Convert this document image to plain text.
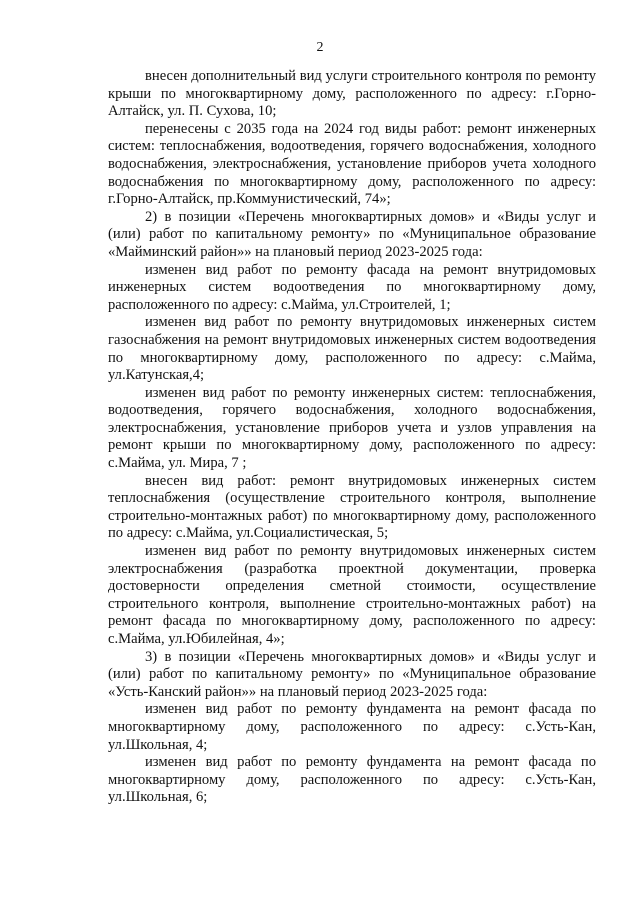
2

внесен дополнительный вид услуги строительного контроля по ремонту крыши по многоквартирному дому, расположенного по адресу: г.Горно-Алтайск, ул. П. Сухова, 10;

перенесены с 2035 года на 2024 год виды работ: ремонт инженерных систем: теплоснабжения, водоотведения, горячего водоснабжения, холодного водоснабжения, электроснабжения, установление приборов учета холодного водоснабжения по многоквартирному дому, расположенного по адресу: г.Горно-Алтайск, пр.Коммунистический, 74»;

2) в позиции «Перечень многоквартирных домов» и «Виды услуг и (или) работ по капитальному ремонту» по «Муниципальное образование «Майминский район»» на плановый период 2023-2025 года:

изменен вид работ по ремонту фасада на ремонт внутридомовых инженерных систем водоотведения по многоквартирному дому, расположенного по адресу: с.Майма, ул.Строителей, 1;

изменен вид работ по ремонту внутридомовых инженерных систем газоснабжения на ремонт внутридомовых инженерных систем водоотведения по многоквартирному дому, расположенного по адресу: с.Майма, ул.Катунская,4;

изменен вид работ по ремонту инженерных систем: теплоснабжения, водоотведения, горячего водоснабжения, холодного водоснабжения, электроснабжения, установление приборов учета и узлов управления на ремонт крыши по многоквартирному дому, расположенного по адресу: с.Майма, ул. Мира, 7 ;

внесен вид работ: ремонт внутридомовых инженерных систем теплоснабжения (осуществление строительного контроля, выполнение строительно-монтажных работ) по многоквартирному дому, расположенного по адресу: с.Майма, ул.Социалистическая, 5;

изменен вид работ по ремонту внутридомовых инженерных систем электроснабжения (разработка проектной документации, проверка достоверности определения сметной стоимости, осуществление строительного контроля, выполнение строительно-монтажных работ) на ремонт фасада по многоквартирному дому, расположенного по адресу: с.Майма, ул.Юбилейная, 4»;

3) в позиции «Перечень многоквартирных домов» и «Виды услуг и (или) работ по капитальному ремонту» по «Муниципальное образование «Усть-Канский район»» на плановый период 2023-2025 года:

изменен вид работ по ремонту фундамента на ремонт фасада по многоквартирному дому, расположенного по адресу: с.Усть-Кан, ул.Школьная, 4;

изменен вид работ по ремонту фундамента на ремонт фасада по многоквартирному дому, расположенного по адресу: с.Усть-Кан, ул.Школьная, 6;
